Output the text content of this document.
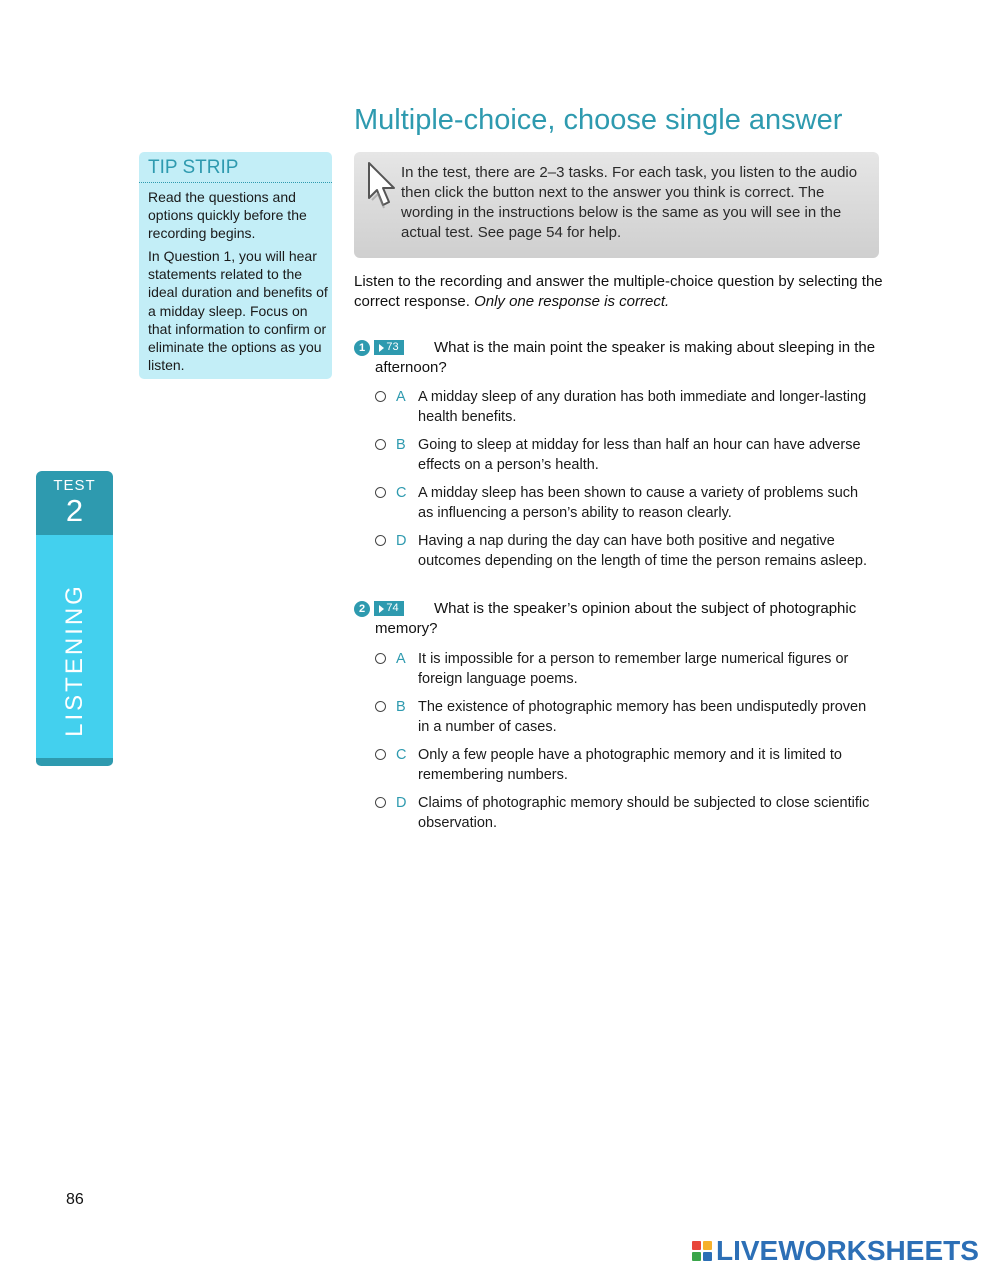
Multiple-choice, choose single answer
TIP STRIP
Read the questions and options quickly before the recording begins.
In Question 1, you will hear statements related to the ideal duration and benefits of a midday sleep. Focus on that information to confirm or eliminate the options as you listen.
In the test, there are 2–3 tasks. For each task, you listen to the audio then click the button next to the answer you think is correct. The wording in the instructions below is the same as you will see in the actual test. See page 54 for help.
Listen to the recording and answer the multiple-choice question by selecting the correct response. Only one response is correct.
1	73	What is the main point the speaker is making about sleeping in the afternoon?
A A midday sleep of any duration has both immediate and longer-lasting health benefits.
B Going to sleep at midday for less than half an hour can have adverse effects on a person’s health.
C A midday sleep has been shown to cause a variety of problems such as influencing a person’s ability to reason clearly.
D Having a nap during the day can have both positive and negative outcomes depending on the length of time the person remains asleep.
2	74	What is the speaker’s opinion about the subject of photographic memory?
A It is impossible for a person to remember large numerical figures or foreign language poems.
B The existence of photographic memory has been undisputedly proven in a number of cases.
C Only a few people have a photographic memory and it is limited to remembering numbers.
D Claims of photographic memory should be subjected to close scientific observation.
TEST
2
LISTENING
86
LIVEWORKSHEETS
